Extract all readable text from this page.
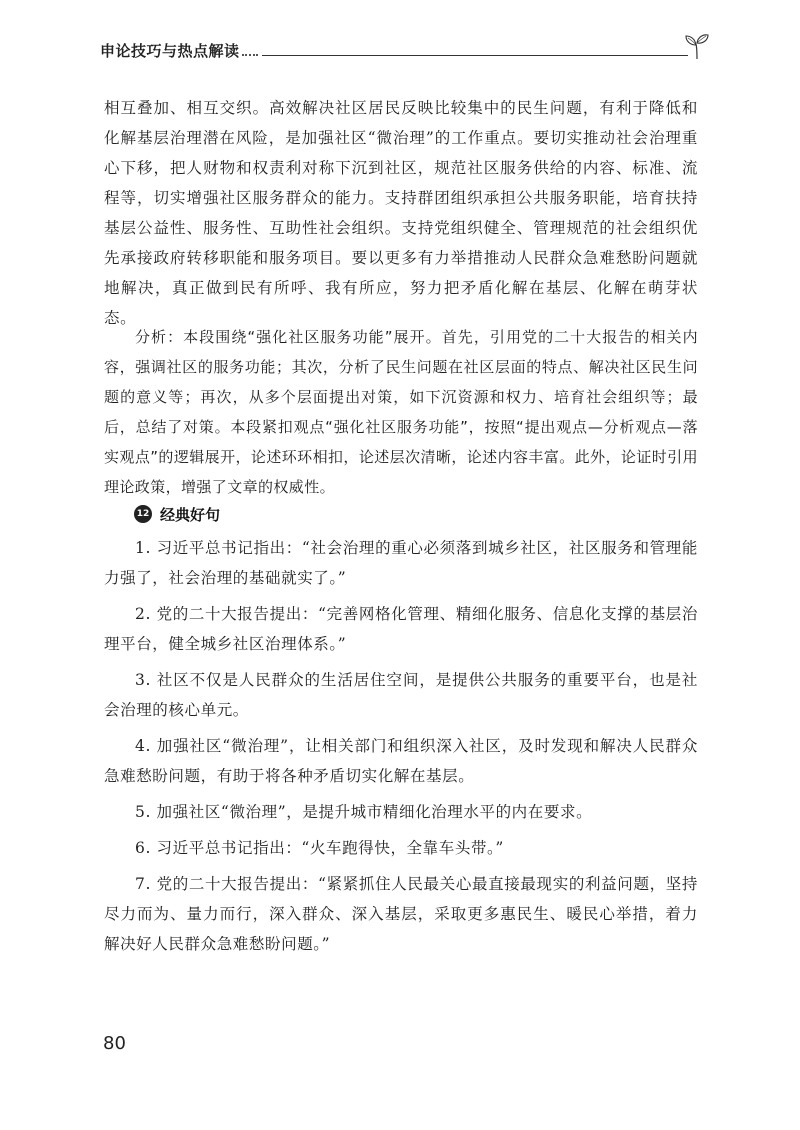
申论技巧与热点解读

相互叠加、相互交织。高效解决社区居民反映比较集中的民生问题，有利于降低和化解基层治理潜在风险，是加强社区“微治理”的工作重点。要切实推动社会治理重心下移，把人财物和权责利对称下沉到社区，规范社区服务供给的内容、标准、流程等，切实增强社区服务群众的能力。支持群团组织承担公共服务职能，培育扶持基层公益性、服务性、互助性社会组织。支持党组织健全、管理规范的社会组织优先承接政府转移职能和服务项目。要以更多有力举措推动人民群众急难愁盼问题就地解决，真正做到民有所呼、我有所应，努力把矛盾化解在基层、化解在萌芽状态。

分析：本段围绕“强化社区服务功能”展开。首先，引用党的二十大报告的相关内容，强调社区的服务功能；其次，分析了民生问题在社区层面的特点、解决社区民生问题的意义等；再次，从多个层面提出对策，如下沉资源和权力、培育社会组织等；最后，总结了对策。本段紧扣观点“强化社区服务功能”，按照“提出观点—分析观点—落实观点”的逻辑展开，论述环环相扣，论述层次清晰，论述内容丰富。此外，论证时引用理论政策，增强了文章的权威性。

12 经典好句

1. 习近平总书记指出：“社会治理的重心必须落到城乡社区，社区服务和管理能力强了，社会治理的基础就实了。”

2. 党的二十大报告提出：“完善网格化管理、精细化服务、信息化支撑的基层治理平台，健全城乡社区治理体系。”

3. 社区不仅是人民群众的生活居住空间，是提供公共服务的重要平台，也是社会治理的核心单元。

4. 加强社区“微治理”，让相关部门和组织深入社区，及时发现和解决人民群众急难愁盼问题，有助于将各种矛盾切实化解在基层。

5. 加强社区“微治理”，是提升城市精细化治理水平的内在要求。

6. 习近平总书记指出：“火车跑得快，全靠车头带。”

7. 党的二十大报告提出：“紧紧抓住人民最关心最直接最现实的利益问题，坚持尽力而为、量力而行，深入群众、深入基层，采取更多惠民生、暖民心举措，着力解决好人民群众急难愁盼问题。”

80
